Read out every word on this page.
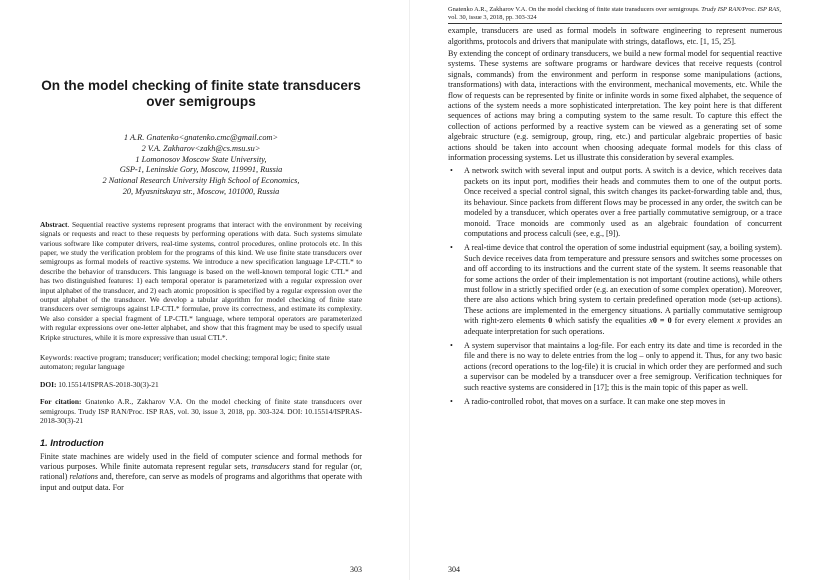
On the model checking of finite state transducers over semigroups
1 A.R. Gnatenko<gnatenko.cmc@gmail.com>
2 V.A. Zakharov<zakh@cs.msu.su>
1 Lomonosov Moscow State University,
GSP-1, Leninskie Gory, Moscow, 119991, Russia
2 National Research University High School of Economics,
20, Myasnitskaya str., Moscow, 101000, Russia
Abstract. Sequential reactive systems represent programs that interact with the environment by receiving signals or requests and react to these requests by performing operations with data. Such systems simulate various software like computer drivers, real-time systems, control procedures, online protocols etc. In this paper, we study the verification problem for the programs of this kind. We use finite state transducers over semigroups as formal models of reactive systems. We introduce a new specification language LP-CTL* to describe the behavior of transducers. This language is based on the well-known temporal logic CTL* and has two distinguished features: 1) each temporal operator is parameterized with a regular expression over input alphabet of the transducer, and 2) each atomic proposition is specified by a regular expression over the output alphabet of the transducer. We develop a tabular algorithm for model checking of finite state transducers over semigroups against LP-CTL* formulae, prove its correctness, and estimate its complexity. We also consider a special fragment of LP-CTL* language, where temporal operators are parameterized with regular expressions over one-letter alphabet, and show that this fragment may be used to specify usual Kripke structures, while it is more expressive than usual CTL*.
Keywords: reactive program; transducer; verification; model checking; temporal logic; finite state automaton; regular language
DOI: 10.15514/ISPRAS-2018-30(3)-21
For citation: Gnatenko A.R., Zakharov V.A. On the model checking of finite state transducers over semigroups. Trudy ISP RAN/Proc. ISP RAS, vol. 30, issue 3, 2018, pp. 303-324. DOI: 10.15514/ISPRAS-2018-30(3)-21
1. Introduction

Finite state machines are widely used in the field of computer science and formal methods for various purposes. While finite automata represent regular sets, transducers stand for regular (or, rational) relations and, therefore, can serve as models of programs and algorithms that operate with input and output data. For

303
Gnatenko A.R., Zakharov V.A. On the model checking of finite state transducers over semigroups. Trudy ISP RAN/Proc. ISP RAS, vol. 30, issue 3, 2018, pp. 303-324

example, transducers are used as formal models in software engineering to represent numerous algorithms, protocols and drivers that manipulate with strings, dataflows, etc. [1, 15, 25].

By extending the concept of ordinary transducers, we build a new formal model for sequential reactive systems. These systems are software programs or hardware devices that receive requests (control signals, commands) from the environment and perform in response some manipulations (actions, transformations) with data, interactions with the environment, mechanical movements, etc. While the flow of requests can be represented by finite or infinite words in some fixed alphabet, the sequence of actions of the system needs a more sophisticated interpretation. The key point here is that different sequences of actions may bring a computing system to the same result. To capture this effect the collection of actions performed by a reactive system can be viewed as a generating set of some algebraic structure (e.g. semigroup, group, ring, etc.) and particular algebraic properties of basic actions should be taken into account when choosing adequate formal models for this class of information processing systems. Let us illustrate this consideration by several examples.

• A network switch with several input and output ports. A switch is a device, which receives data packets on its input port, modifies their heads and commutes them to one of the output ports. Once received a special control signal, this switch changes its packet-forwarding table and, thus, its behaviour. Since packets from different flows may be processed in any order, the switch can be modeled by a transducer, which operates over a free partially commutative semigroup, or a trace monoid. Trace monoids are commonly used as an algebraic foundation of concurrent computations and process calculi (see, e.g., [9]).
• A real-time device that control the operation of some industrial equipment (say, a boiling system). Such device receives data from temperature and pressure sensors and switches some processes on and off according to its instructions and the current state of the system. It seems reasonable that for some actions the order of their implementation is not important (routine actions), while others must follow in a strictly specified order (e.g. an execution of some complex operation). Moreover, there are also actions which bring system to certain predefined operation mode (set-up actions). These actions are implemented in the emergency situations. A partially commutative semigroup with right-zero elements 0 which satisfy the equalities x0 = 0 for every element x provides an adequate interpretation for such operations.
• A system supervisor that maintains a log-file. For each entry its date and time is recorded in the file and there is no way to delete entries from the log – only to append it. Thus, for any two basic actions (record operations to the log-file) it is crucial in which order they are performed and such a supervisor can be modeled by a transducer over a free semigroup. Verification techniques for such reactive systems are considered in [17]; this is the main topic of this paper as well.
• A radio-controlled robot, that moves on a surface. It can make one step moves in
304
